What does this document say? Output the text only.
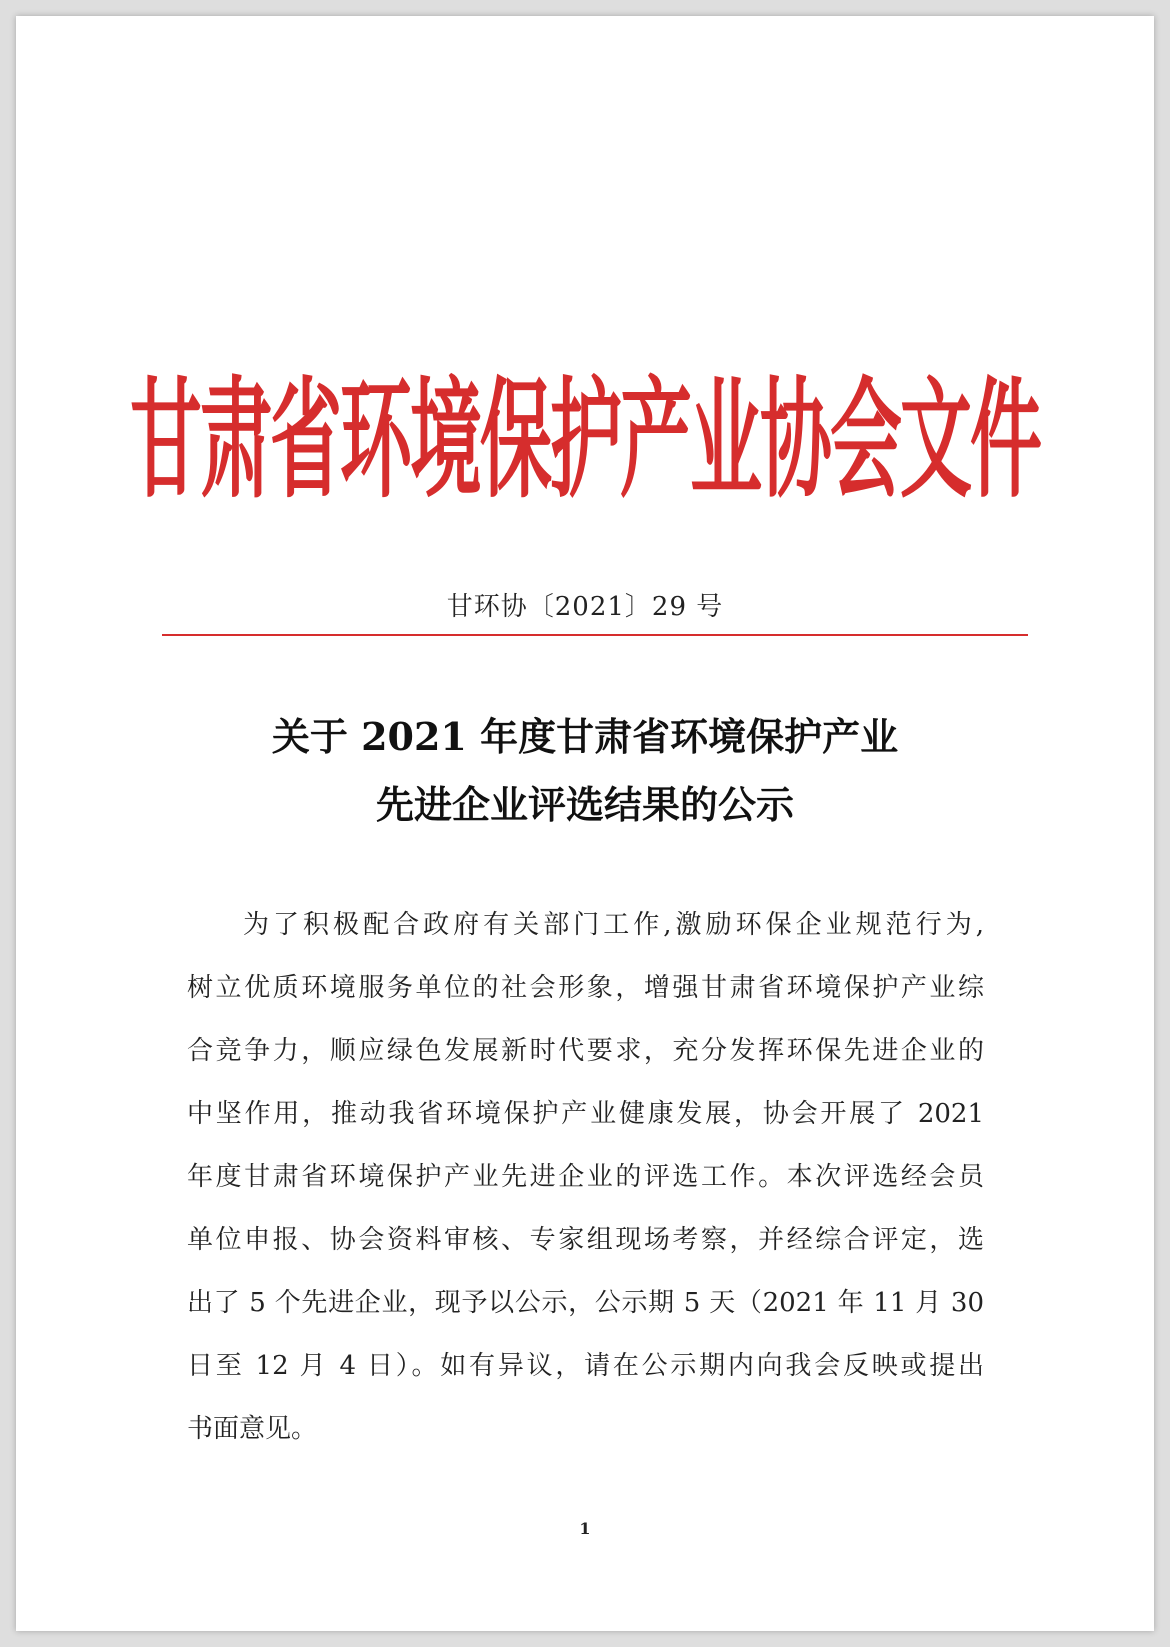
甘肃省环境保护产业协会文件
甘环协〔2021〕29 号
关于 2021 年度甘肃省环境保护产业
先进企业评选结果的公示
为了积极配合政府有关部门工作,激励环保企业规范行为,
树立优质环境服务单位的社会形象，增强甘肃省环境保护产业综
合竞争力，顺应绿色发展新时代要求，充分发挥环保先进企业的
中坚作用，推动我省环境保护产业健康发展，协会开展了 2021
年度甘肃省环境保护产业先进企业的评选工作。本次评选经会员
单位申报、协会资料审核、专家组现场考察，并经综合评定，选
出了 5 个先进企业，现予以公示，公示期 5 天（2021 年 11 月 30
日至 12 月 4 日）。如有异议，请在公示期内向我会反映或提出
书面意见。
1
